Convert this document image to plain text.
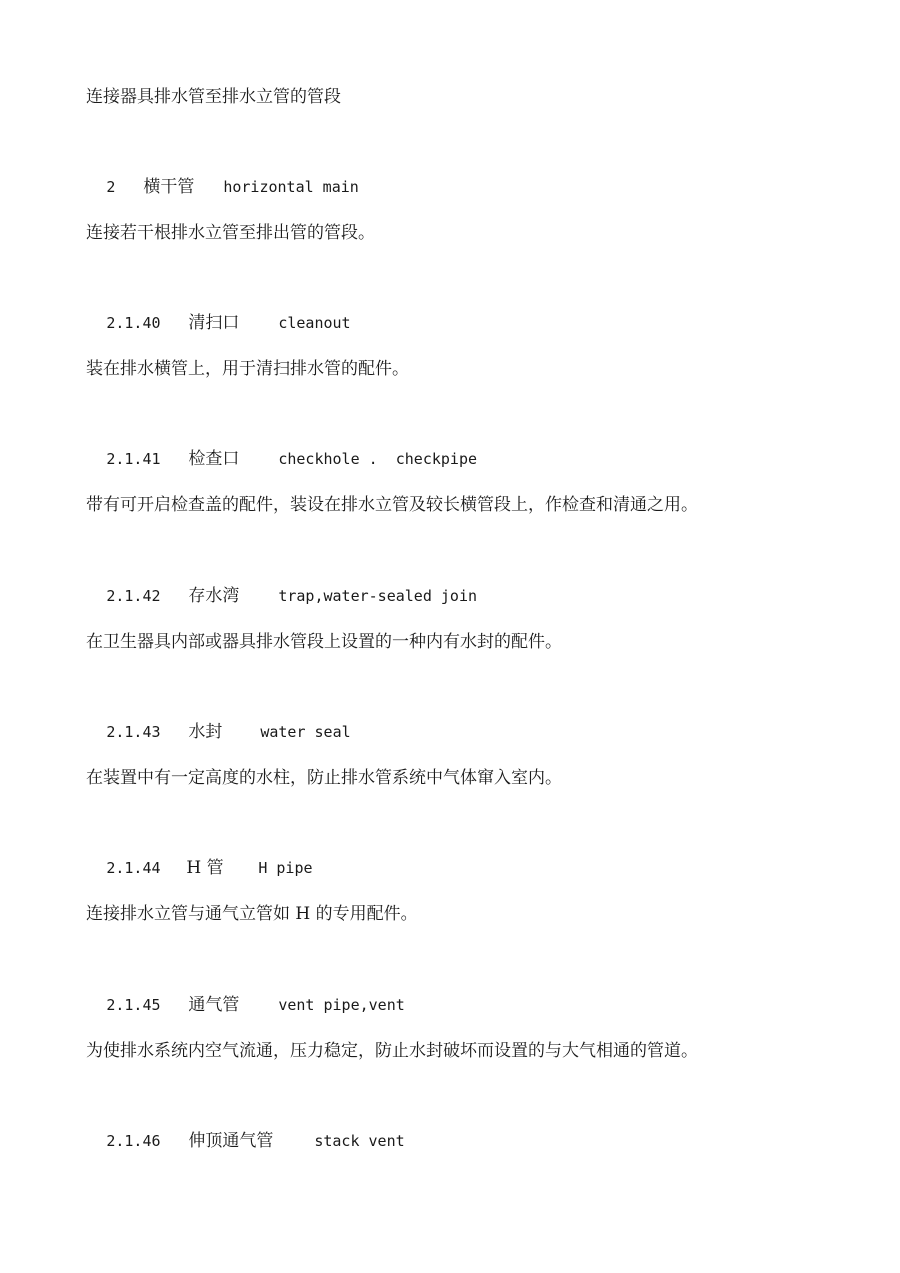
连接器具排水管至排水立管的管段

2 横干管 horizontal main

连接若干根排水立管至排出管的管段。

2.1.40 清扫口	cleanout

装在排水横管上，用于清扫排水管的配件。

2.1.41 检查口	checkhole .  checkpipe

带有可开启检查盖的配件，装设在排水立管及较长横管段上，作检查和清通之用。

2.1.42 存水湾	trap,water-sealed join

在卫生器具内部或器具排水管段上设置的一种内有水封的配件。

2.1.43 水封	water seal

在装置中有一定高度的水柱，防止排水管系统中气体窜入室内。

2.1.44 H 管 H pipe

连接排水立管与通气立管如 H 的专用配件。

2.1.45 通气管	vent pipe,vent

为使排水系统内空气流通，压力稳定，防止水封破坏而设置的与大气相通的管道。

2.1.46 伸顶通气管	stack vent
